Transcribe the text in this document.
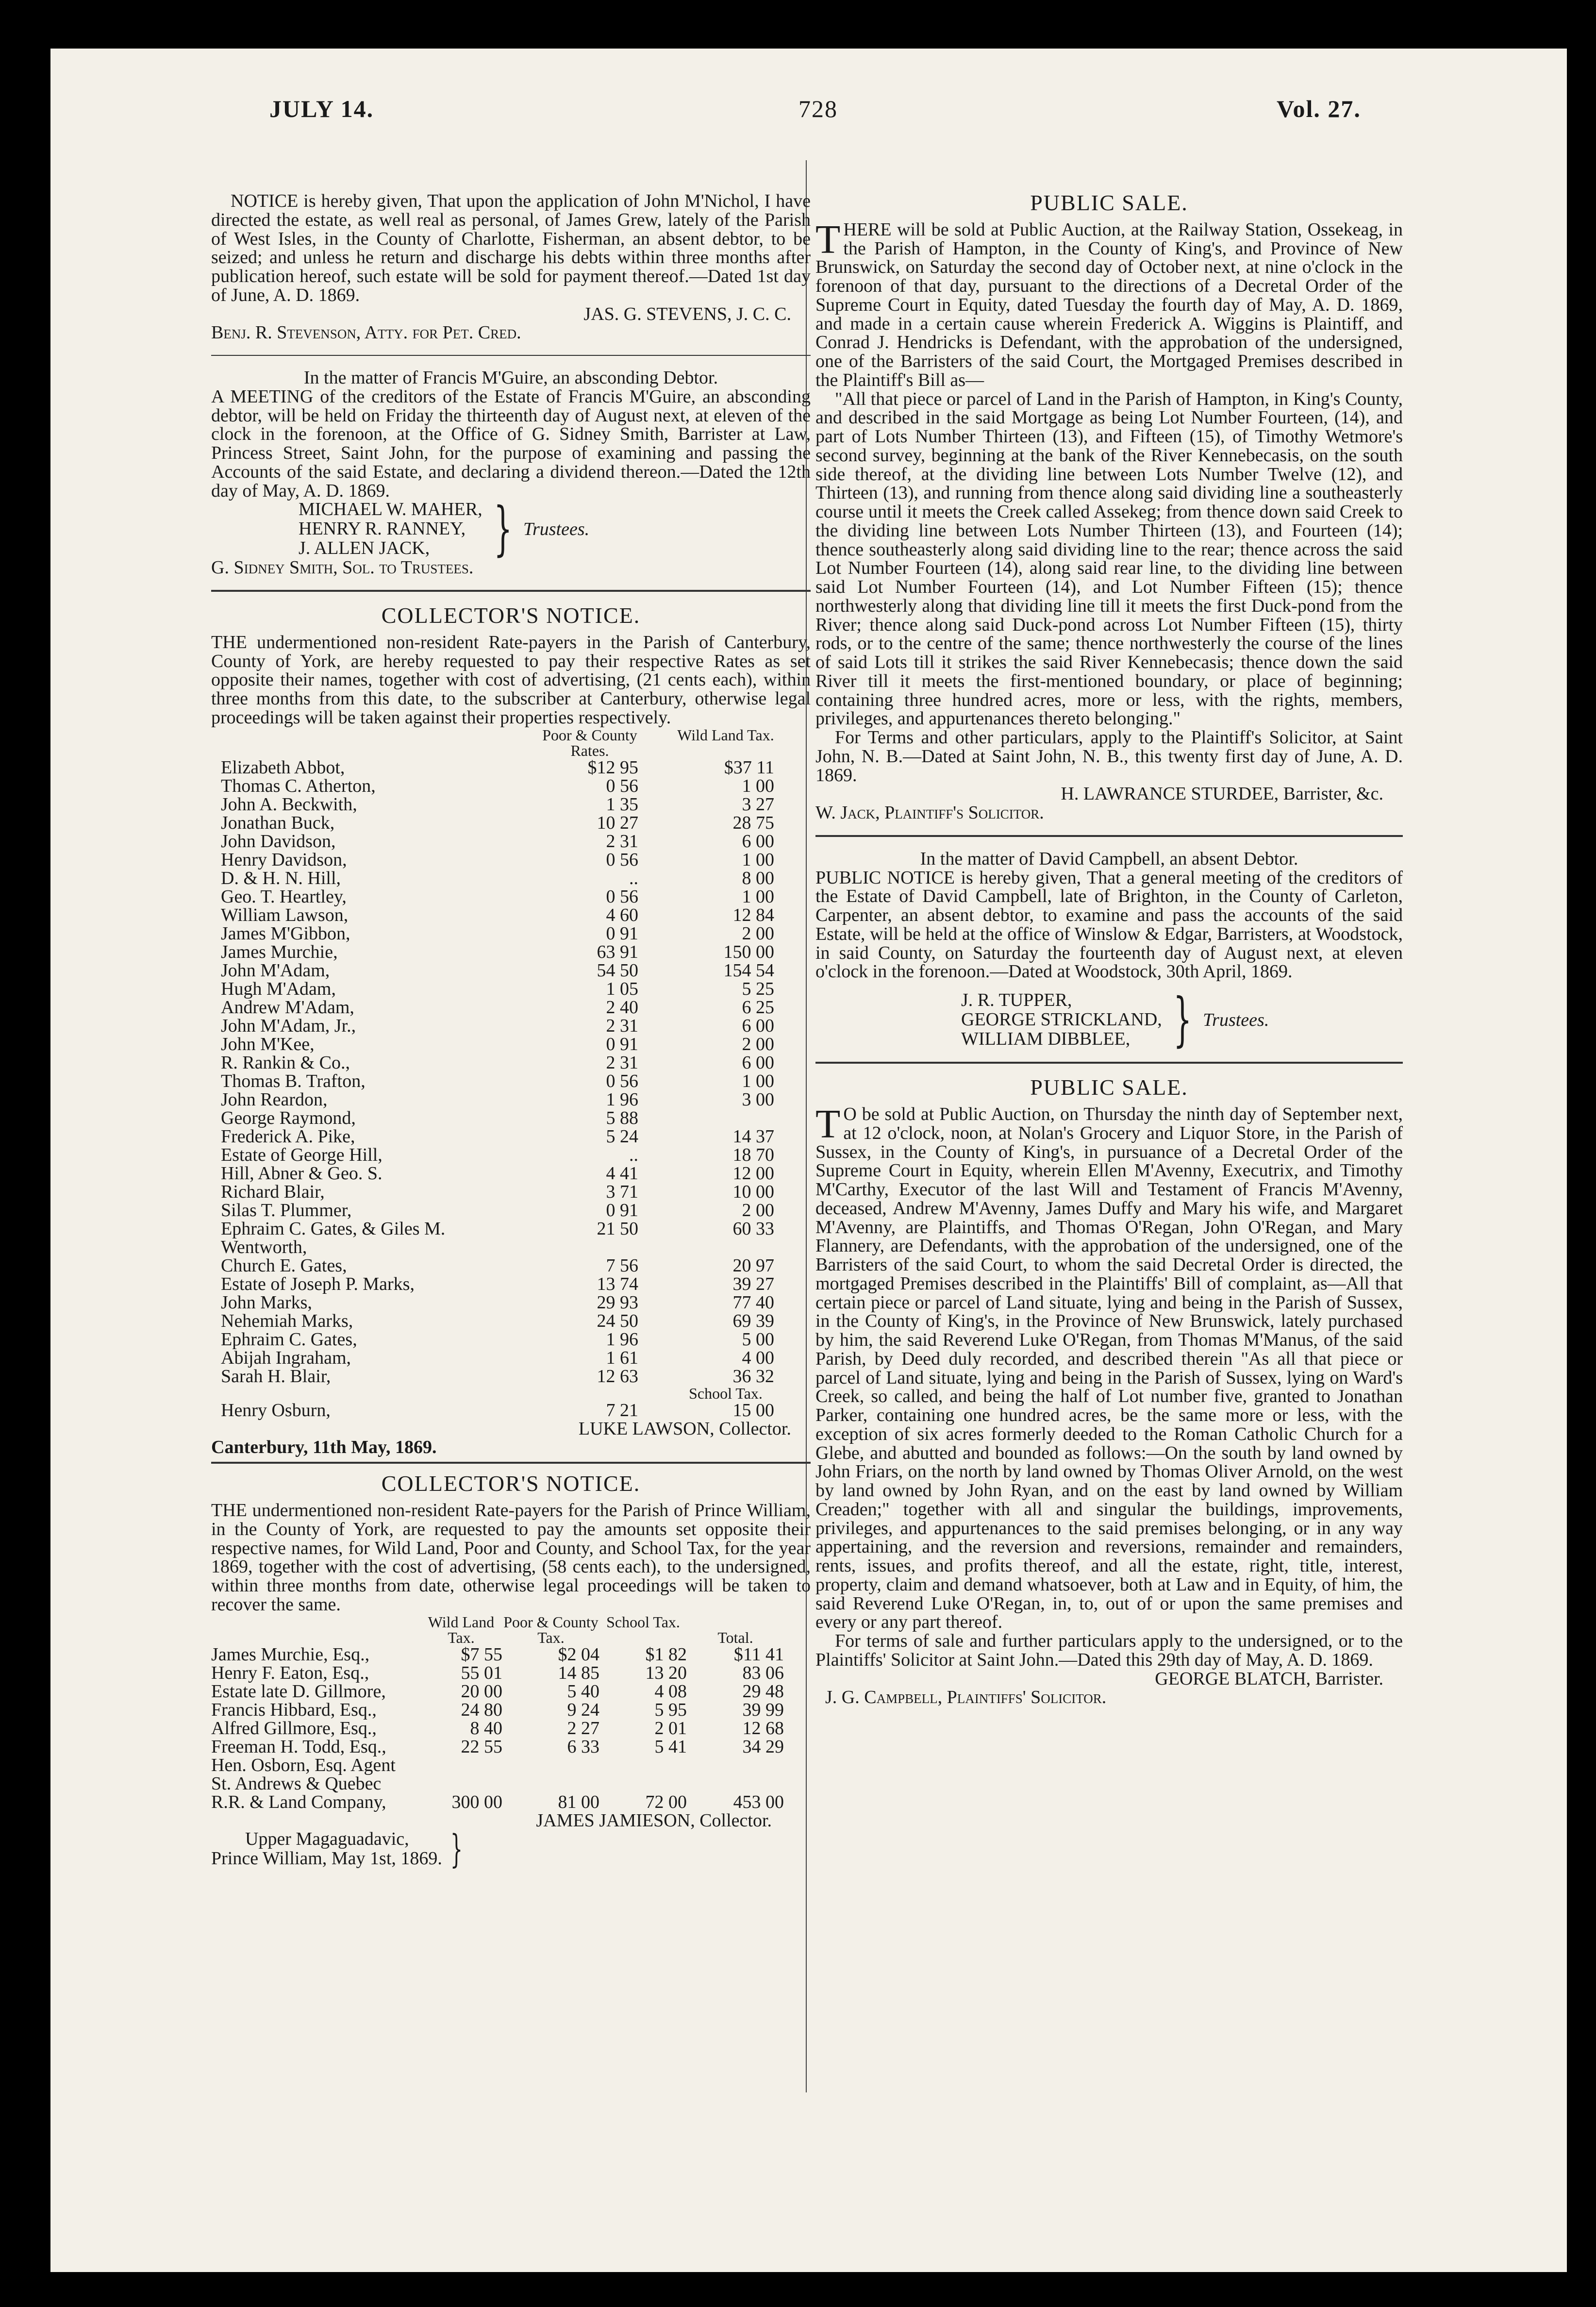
JULY 14.	728	Vol. 27.

NOTICE is hereby given, That upon the application of John M'Nichol, I have directed the estate, as well real as personal, of James Grew, lately of the Parish of West Isles, in the County of Charlotte, Fisherman, an absent debtor, to be seized; and unless he return and discharge his debts within three months after publication hereof, such estate will be sold for payment thereof.—Dated 1st day of June, A. D. 1869.

JAS. G. STEVENS, J. C. C.

Benj. R. Stevenson, Atty. for Pet. Cred.

In the matter of Francis M'Guire, an absconding Debtor.

A MEETING of the creditors of the Estate of Francis M'Guire, an absconding debtor, will be held on Friday the thirteenth day of August next, at eleven of the clock in the forenoon, at the Office of G. Sidney Smith, Barrister at Law, Princess Street, Saint John, for the purpose of examining and passing the Accounts of the said Estate, and declaring a dividend thereon.—Dated the 12th day of May, A. D. 1869.

MICHAEL W. MAHER,
HENRY R. RANNEY,
J. ALLEN JACK,	} Trustees.

G. Sidney Smith, Sol. to Trustees.

COLLECTOR'S NOTICE.

THE undermentioned non-resident Rate-payers in the Parish of Canterbury, County of York, are hereby requested to pay their respective Rates as set opposite their names, together with cost of advertising, (21 cents each), within three months from this date, to the subscriber at Canterbury, otherwise legal proceedings will be taken against their properties respectively.

	Poor & County Rates.	Wild Land Tax.
Elizabeth Abbot,	$12 95	$37 11
Thomas C. Atherton,	0 56	1 00
John A. Beckwith,	1 35	3 27
Jonathan Buck,	10 27	28 75
John Davidson,	2 31	6 00
Henry Davidson,	0 56	1 00
D. & H. N. Hill,	..	8 00
Geo. T. Heartley,	0 56	1 00
William Lawson,	4 60	12 84
James M'Gibbon,	0 91	2 00
James Murchie,	63 91	150 00
John M'Adam,	54 50	154 54
Hugh M'Adam,	1 05	5 25
Andrew M'Adam,	2 40	6 25
John M'Adam, Jr.,	2 31	6 00
John M'Kee,	0 91	2 00
R. Rankin & Co.,	2 31	6 00
Thomas B. Trafton,	0 56	1 00
John Reardon,	1 96	3 00
George Raymond,	5 88	
Frederick A. Pike,	5 24	14 37
Estate of George Hill,	..	18 70
Hill, Abner & Geo. S.	4 41	12 00
Richard Blair,	3 71	10 00
Silas T. Plummer,	0 91	2 00
Ephraim C. Gates, & Giles M. Wentworth,	21 50	60 33
Church E. Gates,	7 56	20 97
Estate of Joseph P. Marks,	13 74	39 27
John Marks,	29 93	77 40
Nehemiah Marks,	24 50	69 39
Ephraim C. Gates,	1 96	5 00
Abijah Ingraham,	1 61	4 00
Sarah H. Blair,	12 63	36 32
		School Tax.
Henry Osburn,	7 21	15 00

LUKE LAWSON, Collector.

Canterbury, 11th May, 1869.

COLLECTOR'S NOTICE.

THE undermentioned non-resident Rate-payers for the Parish of Prince William, in the County of York, are requested to pay the amounts set opposite their respective names, for Wild Land, Poor and County, and School Tax, for the year 1869, together with the cost of advertising, (58 cents each), to the undersigned, within three months from date, otherwise legal proceedings will be taken to recover the same.

	Wild Land Tax.	Poor & County Tax.	School Tax.	Total.
James Murchie, Esq.,	$7 55	$2 04	$1 82	$11 41
Henry F. Eaton, Esq.,	55 01	14 85	13 20	83 06
Estate late D. Gillmore,	20 00	5 40	4 08	29 48
Francis Hibbard, Esq.,	24 80	9 24	5 95	39 99
Alfred Gillmore, Esq.,	8 40	2 27	2 01	12 68
Freeman H. Todd, Esq.,	22 55	6 33	5 41	34 29
Hen. Osborn, Esq. Agent				
St. Andrews & Quebec				
R.R. & Land Company,	300 00	81 00	72 00	453 00

JAMES JAMIESON, Collector.

Upper Magaguadavic,
Prince William, May 1st, 1869. }
PUBLIC SALE.

THERE will be sold at Public Auction, at the Railway Station, Ossekeag, in the Parish of Hampton, in the County of King's, and Province of New Brunswick, on Saturday the second day of October next, at nine o'clock in the forenoon of that day, pursuant to the directions of a Decretal Order of the Supreme Court in Equity, dated Tuesday the fourth day of May, A. D. 1869, and made in a certain cause wherein Frederick A. Wiggins is Plaintiff, and Conrad J. Hendricks is Defendant, with the approbation of the undersigned, one of the Barristers of the said Court, the Mortgaged Premises described in the Plaintiff's Bill as—

"All that piece or parcel of Land in the Parish of Hampton, in King's County, and described in the said Mortgage as being Lot Number Fourteen, (14), and part of Lots Number Thirteen (13), and Fifteen (15), of Timothy Wetmore's second survey, beginning at the bank of the River Kennebecasis, on the south side thereof, at the dividing line between Lots Number Twelve (12), and Thirteen (13), and running from thence along said dividing line a southeasterly course until it meets the Creek called Assekeg; from thence down said Creek to the dividing line between Lots Number Thirteen (13), and Fourteen (14); thence southeasterly along said dividing line to the rear; thence across the said Lot Number Fourteen (14), along said rear line, to the dividing line between said Lot Number Fourteen (14), and Lot Number Fifteen (15); thence northwesterly along that dividing line till it meets the first Duck-pond from the River; thence along said Duck-pond across Lot Number Fifteen (15), thirty rods, or to the centre of the same; thence northwesterly the course of the lines of said Lots till it strikes the said River Kennebecasis; thence down the said River till it meets the first-mentioned boundary, or place of beginning; containing three hundred acres, more or less, with the rights, members, privileges, and appurtenances thereto belonging."

For Terms and other particulars, apply to the Plaintiff's Solicitor, at Saint John, N. B.—Dated at Saint John, N. B., this twenty first day of June, A. D. 1869.

H. LAWRANCE STURDEE, Barrister, &c.

W. Jack, Plaintiff's Solicitor.

In the matter of David Campbell, an absent Debtor.

PUBLIC NOTICE is hereby given, That a general meeting of the creditors of the Estate of David Campbell, late of Brighton, in the County of Carleton, Carpenter, an absent debtor, to examine and pass the accounts of the said Estate, will be held at the office of Winslow & Edgar, Barristers, at Woodstock, in said County, on Saturday the fourteenth day of August next, at eleven o'clock in the forenoon.—Dated at Woodstock, 30th April, 1869.

J. R. TUPPER,
GEORGE STRICKLAND,
WILLIAM DIBBLEE, } Trustees.
PUBLIC SALE.

TO be sold at Public Auction, on Thursday the ninth day of September next, at 12 o'clock, noon, at Nolan's Grocery and Liquor Store, in the Parish of Sussex, in the County of King's, in pursuance of a Decretal Order of the Supreme Court in Equity, wherein Ellen M'Avenny, Executrix, and Timothy M'Carthy, Executor of the last Will and Testament of Francis M'Avenny, deceased, Andrew M'Avenny, James Duffy and Mary his wife, and Margaret M'Avenny, are Plaintiffs, and Thomas O'Regan, John O'Regan, and Mary Flannery, are Defendants, with the approbation of the undersigned, one of the Barristers of the said Court, to whom the said Decretal Order is directed, the mortgaged Premises described in the Plaintiffs' Bill of complaint, as—All that certain piece or parcel of Land situate, lying and being in the Parish of Sussex, in the County of King's, in the Province of New Brunswick, lately purchased by him, the said Reverend Luke O'Regan, from Thomas M'Manus, of the said Parish, by Deed duly recorded, and described therein "As all that piece or parcel of Land situate, lying and being in the Parish of Sussex, lying on Ward's Creek, so called, and being the half of Lot number five, granted to Jonathan Parker, containing one hundred acres, be the same more or less, with the exception of six acres formerly deeded to the Roman Catholic Church for a Glebe, and abutted and bounded as follows:—On the south by land owned by John Friars, on the north by land owned by Thomas Oliver Arnold, on the west by land owned by John Ryan, and on the east by land owned by William Creaden;" together with all and singular the buildings, improvements, privileges, and appurtenances to the said premises belonging, or in any way appertaining, and the reversion and reversions, remainder and remainders, rents, issues, and profits thereof, and all the estate, right, title, interest, property, claim and demand whatsoever, both at Law and in Equity, of him, the said Reverend Luke O'Regan, in, to, out of or upon the same premises and every or any part thereof.

For terms of sale and further particulars apply to the undersigned, or to the Plaintiffs' Solicitor at Saint John.—Dated this 29th day of May, A. D. 1869.

GEORGE BLATCH, Barrister.

J. G. Campbell, Plaintiffs' Solicitor.
